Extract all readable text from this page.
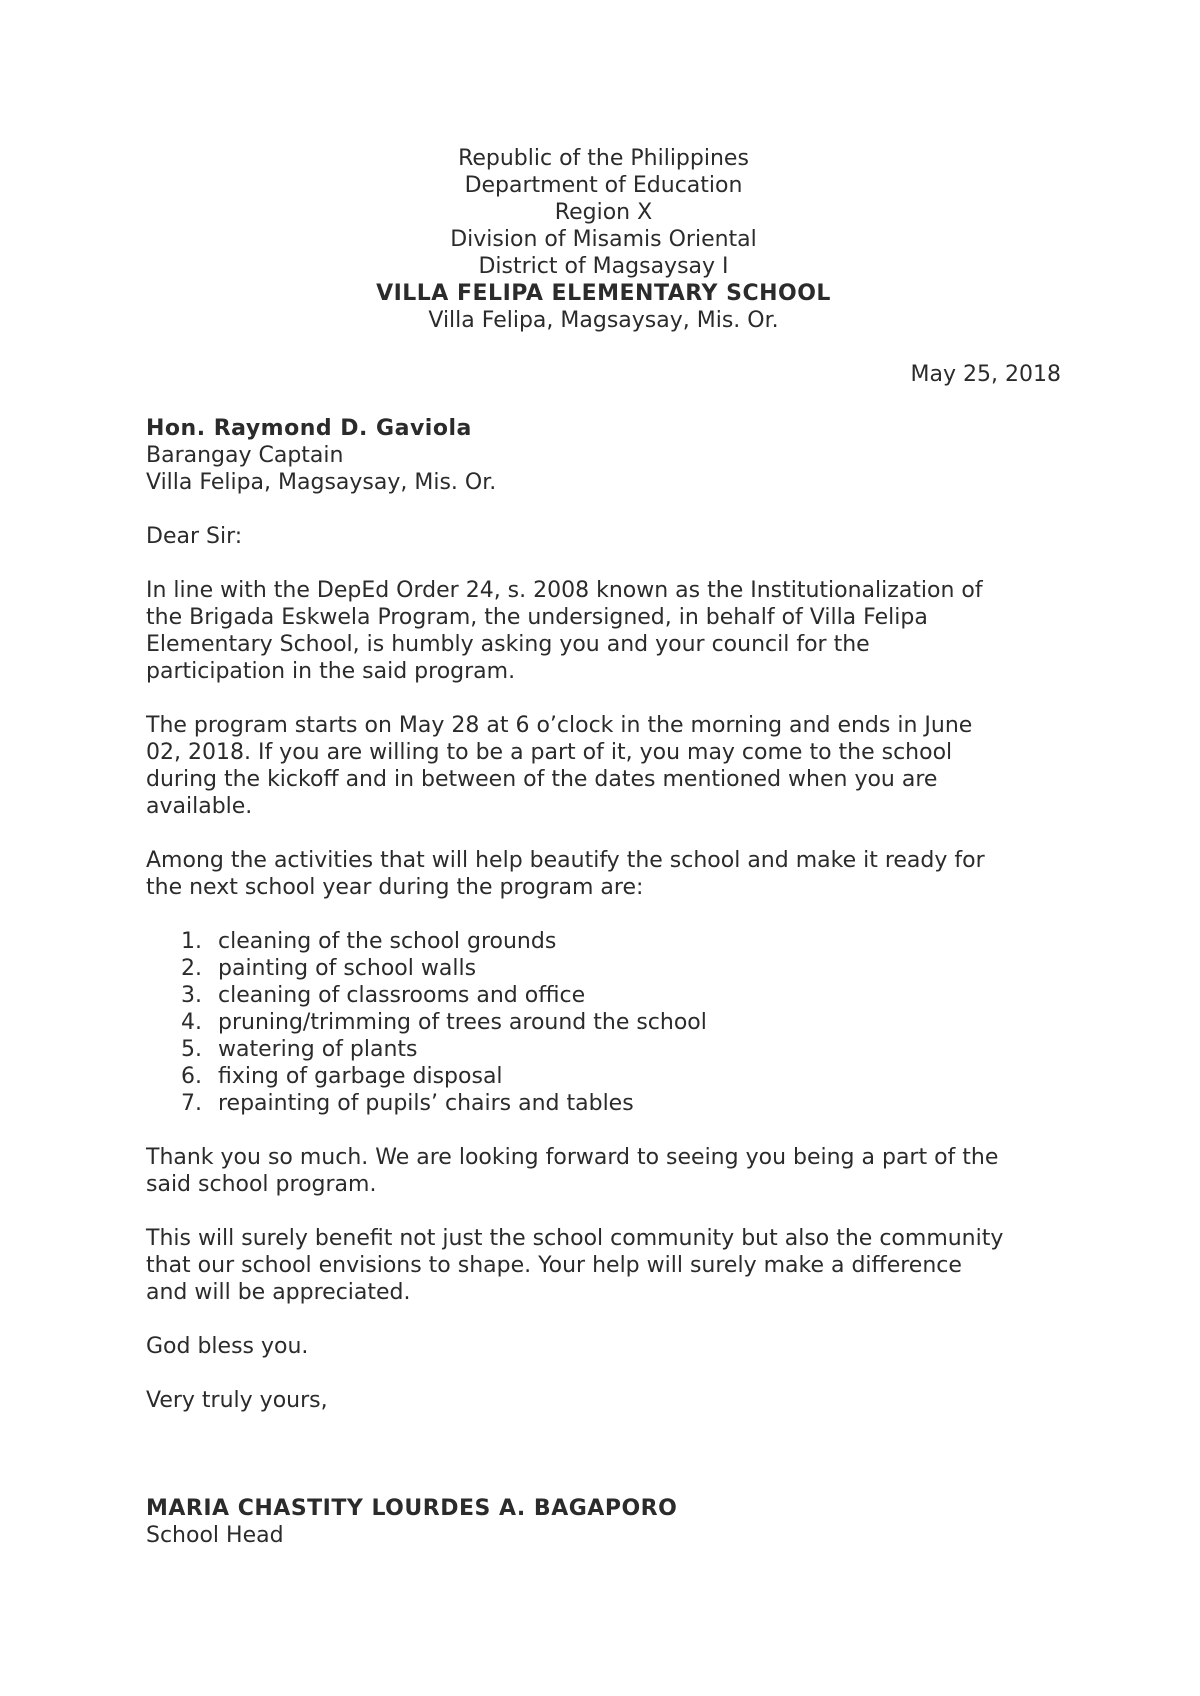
Republic of the Philippines
Department of Education
Region X
Division of Misamis Oriental
District of Magsaysay I
VILLA FELIPA ELEMENTARY SCHOOL
Villa Felipa, Magsaysay, Mis. Or.
May 25, 2018
Hon. Raymond D. Gaviola
Barangay Captain
Villa Felipa, Magsaysay, Mis. Or.
Dear Sir:
In line with the DepEd Order 24, s. 2008 known as the Institutionalization of
the Brigada Eskwela Program, the undersigned, in behalf of Villa Felipa
Elementary School, is humbly asking you and your council for the
participation in the said program.
The program starts on May 28 at 6 o’clock in the morning and ends in June
02, 2018. If you are willing to be a part of it, you may come to the school
during the kickoff and in between of the dates mentioned when you are
available.
Among the activities that will help beautify the school and make it ready for
the next school year during the program are:
1. cleaning of the school grounds
2. painting of school walls
3. cleaning of classrooms and office
4. pruning/trimming of trees around the school
5. watering of plants
6. fixing of garbage disposal
7. repainting of pupils’ chairs and tables
Thank you so much. We are looking forward to seeing you being a part of the
said school program.
This will surely benefit not just the school community but also the community
that our school envisions to shape. Your help will surely make a difference
and will be appreciated.
God bless you.
Very truly yours,
MARIA CHASTITY LOURDES A. BAGAPORO
School Head
